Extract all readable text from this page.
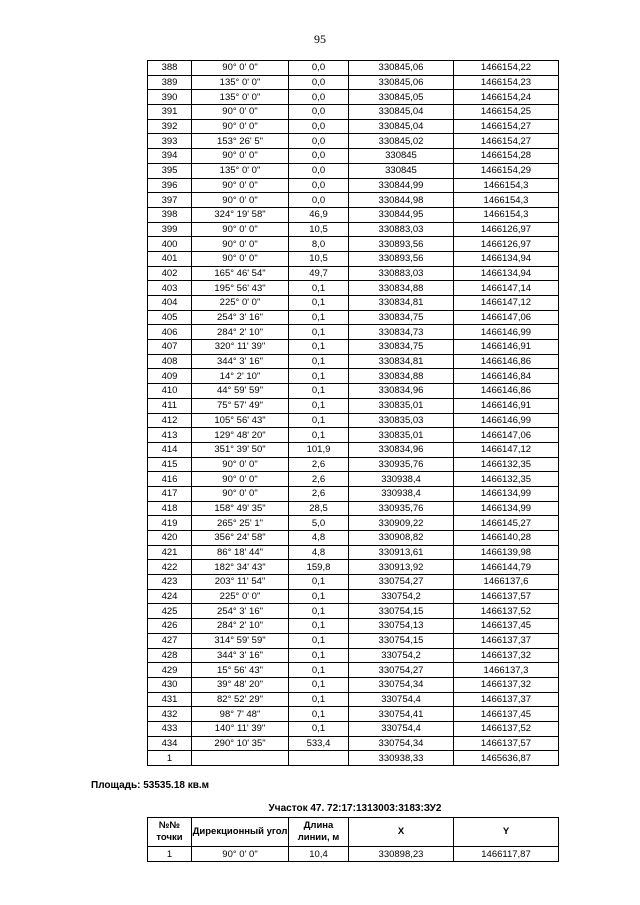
95
388	90° 0' 0"	0,0	330845,06	1466154,22
389	135° 0' 0"	0,0	330845,06	1466154,23
390	135° 0' 0"	0,0	330845,05	1466154,24
391	90° 0' 0"	0,0	330845,04	1466154,25
392	90° 0' 0"	0,0	330845,04	1466154,27
393	153° 26' 5"	0,0	330845,02	1466154,27
394	90° 0' 0"	0,0	330845	1466154,28
395	135° 0' 0"	0,0	330845	1466154,29
396	90° 0' 0"	0,0	330844,99	1466154,3
397	90° 0' 0"	0,0	330844,98	1466154,3
398	324° 19' 58"	46,9	330844,95	1466154,3
399	90° 0' 0"	10,5	330883,03	1466126,97
400	90° 0' 0"	8,0	330893,56	1466126,97
401	90° 0' 0"	10,5	330893,56	1466134,94
402	165° 46' 54"	49,7	330883,03	1466134,94
403	195° 56' 43"	0,1	330834,88	1466147,14
404	225° 0' 0"	0,1	330834,81	1466147,12
405	254° 3' 16"	0,1	330834,75	1466147,06
406	284° 2' 10"	0,1	330834,73	1466146,99
407	320° 11' 39"	0,1	330834,75	1466146,91
408	344° 3' 16"	0,1	330834,81	1466146,86
409	14° 2' 10"	0,1	330834,88	1466146,84
410	44° 59' 59"	0,1	330834,96	1466146,86
411	75° 57' 49"	0,1	330835,01	1466146,91
412	105° 56' 43"	0,1	330835,03	1466146,99
413	129° 48' 20"	0,1	330835,01	1466147,06
414	351° 39' 50"	101,9	330834,96	1466147,12
415	90° 0' 0"	2,6	330935,76	1466132,35
416	90° 0' 0"	2,6	330938,4	1466132,35
417	90° 0' 0"	2,6	330938,4	1466134,99
418	158° 49' 35"	28,5	330935,76	1466134,99
419	265° 25' 1"	5,0	330909,22	1466145,27
420	356° 24' 58"	4,8	330908,82	1466140,28
421	86° 18' 44"	4,8	330913,61	1466139,98
422	182° 34' 43"	159,8	330913,92	1466144,79
423	203° 11' 54"	0,1	330754,27	1466137,6
424	225° 0' 0"	0,1	330754,2	1466137,57
425	254° 3' 16"	0,1	330754,15	1466137,52
426	284° 2' 10"	0,1	330754,13	1466137,45
427	314° 59' 59"	0,1	330754,15	1466137,37
428	344° 3' 16"	0,1	330754,2	1466137,32
429	15° 56' 43"	0,1	330754,27	1466137,3
430	39° 48' 20"	0,1	330754,34	1466137,32
431	82° 52' 29"	0,1	330754,4	1466137,37
432	98° 7' 48"	0,1	330754,41	1466137,45
433	140° 11' 39"	0,1	330754,4	1466137,52
434	290° 10' 35"	533,4	330754,34	1466137,57
1			330938,33	1465636,87
Площадь: 53535.18 кв.м
Участок 47. 72:17:1313003:3183:ЗУ2
№№ точки	Дирекционный угол	Длина линии, м	X	Y
1	90° 0' 0"	10,4	330898,23	1466117,87
